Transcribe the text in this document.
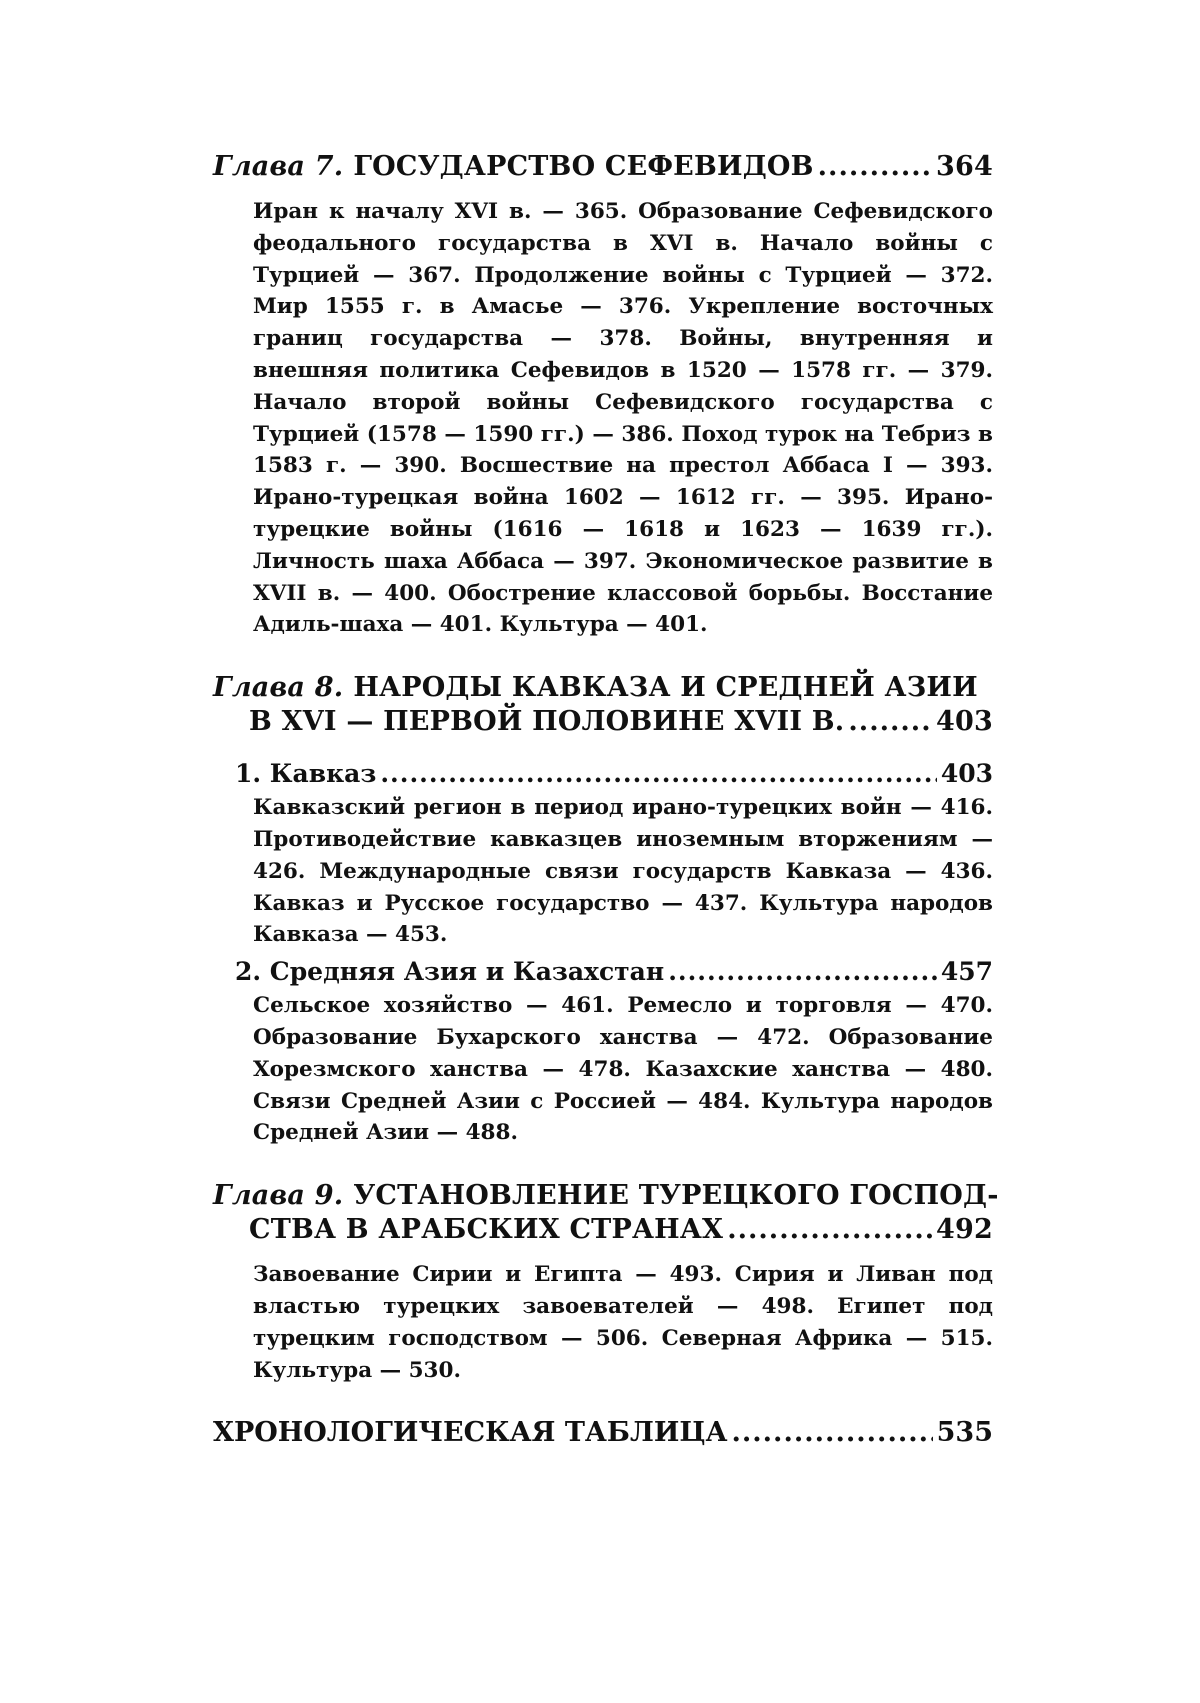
Глава 7. ГОСУДАРСТВО СЕФЕВИДОВ .....	364
Иран к началу XVI в. — 365. Образование Сефевидского феодального государства в XVI в. Начало войны с Турцией — 367. Продолжение войны с Турцией — 372. Мир 1555 г. в Амасье — 376. Укрепление восточных границ государства — 378. Войны, внутренняя и внешняя политика Сефевидов в 1520 — 1578 гг. — 379. Начало второй войны Сефевидского государства с Турцией (1578 — 1590 гг.) — 386. Поход турок на Тебриз в 1583 г. — 390. Восшествие на престол Аббаса I — 393. Ирано-турецкая война 1602 — 1612 гг. — 395. Ирано-турецкие войны (1616 — 1618 и 1623 — 1639 гг.). Личность шаха Аббаса — 397. Экономическое развитие в XVII в. — 400. Обострение классовой борьбы. Восстание Адиль-шаха — 401. Культура — 401.
Глава 8. НАРОДЫ КАВКАЗА И СРЕДНЕЙ АЗИИ
В XVI — ПЕРВОЙ ПОЛОВИНЕ XVII В. .....	403
1. Кавказ .....	403
Кавказский регион в период ирано-турецких войн — 416. Противодействие кавказцев иноземным вторжениям — 426. Международные связи государств Кавказа — 436. Кавказ и Русское государство — 437. Культура народов Кавказа — 453.
2. Средняя Азия и Казахстан .....	457
Сельское хозяйство — 461. Ремесло и торговля — 470. Образование Бухарского ханства — 472. Образование Хорезмского ханства — 478. Казахские ханства — 480. Связи Средней Азии с Россией — 484. Культура народов Средней Азии — 488.
Глава 9. УСТАНОВЛЕНИЕ ТУРЕЦКОГО ГОСПОД-
СТВА В АРАБСКИХ СТРАНАХ .....	492
Завоевание Сирии и Египта — 493. Сирия и Ливан под властью турецких завоевателей — 498. Египет под турецким господством — 506. Северная Африка — 515. Культура — 530.
ХРОНОЛОГИЧЕСКАЯ ТАБЛИЦА .....	535
